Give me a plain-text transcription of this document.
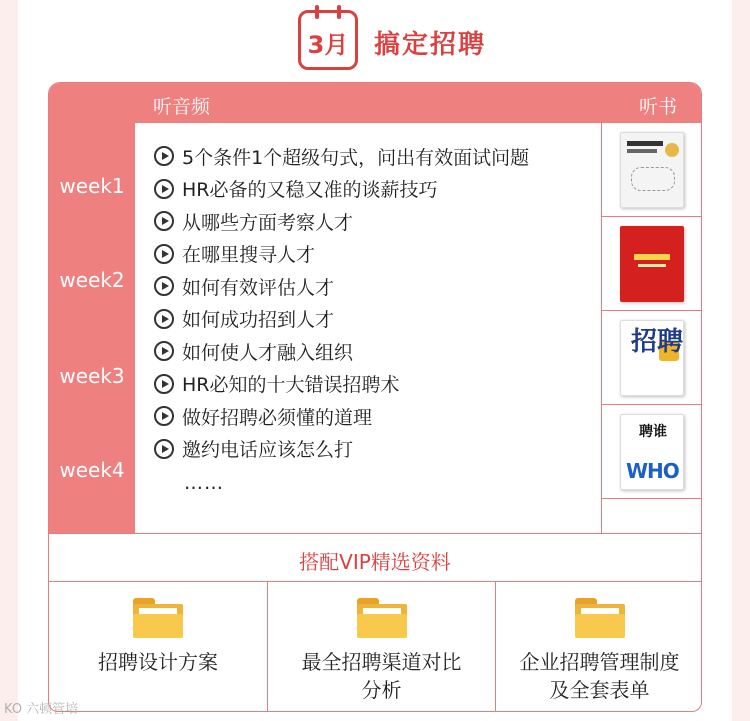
3月 搞定招聘
听音频	听书
week1
week2
week3
week4
招聘
聘谁
WHO
5个条件1个超级句式，问出有效面试问题
HR必备的又稳又准的谈薪技巧
从哪些方面考察人才
在哪里搜寻人才
如何有效评估人才
如何成功招到人才
如何使人才融入组织
HR必知的十大错误招聘术
做好招聘必须懂的道理
邀约电话应该怎么打
……
搭配VIP精选资料
招聘设计方案	最全招聘渠道对比
分析
企业招聘管理制度
及全套表单
KO 六顿管培
